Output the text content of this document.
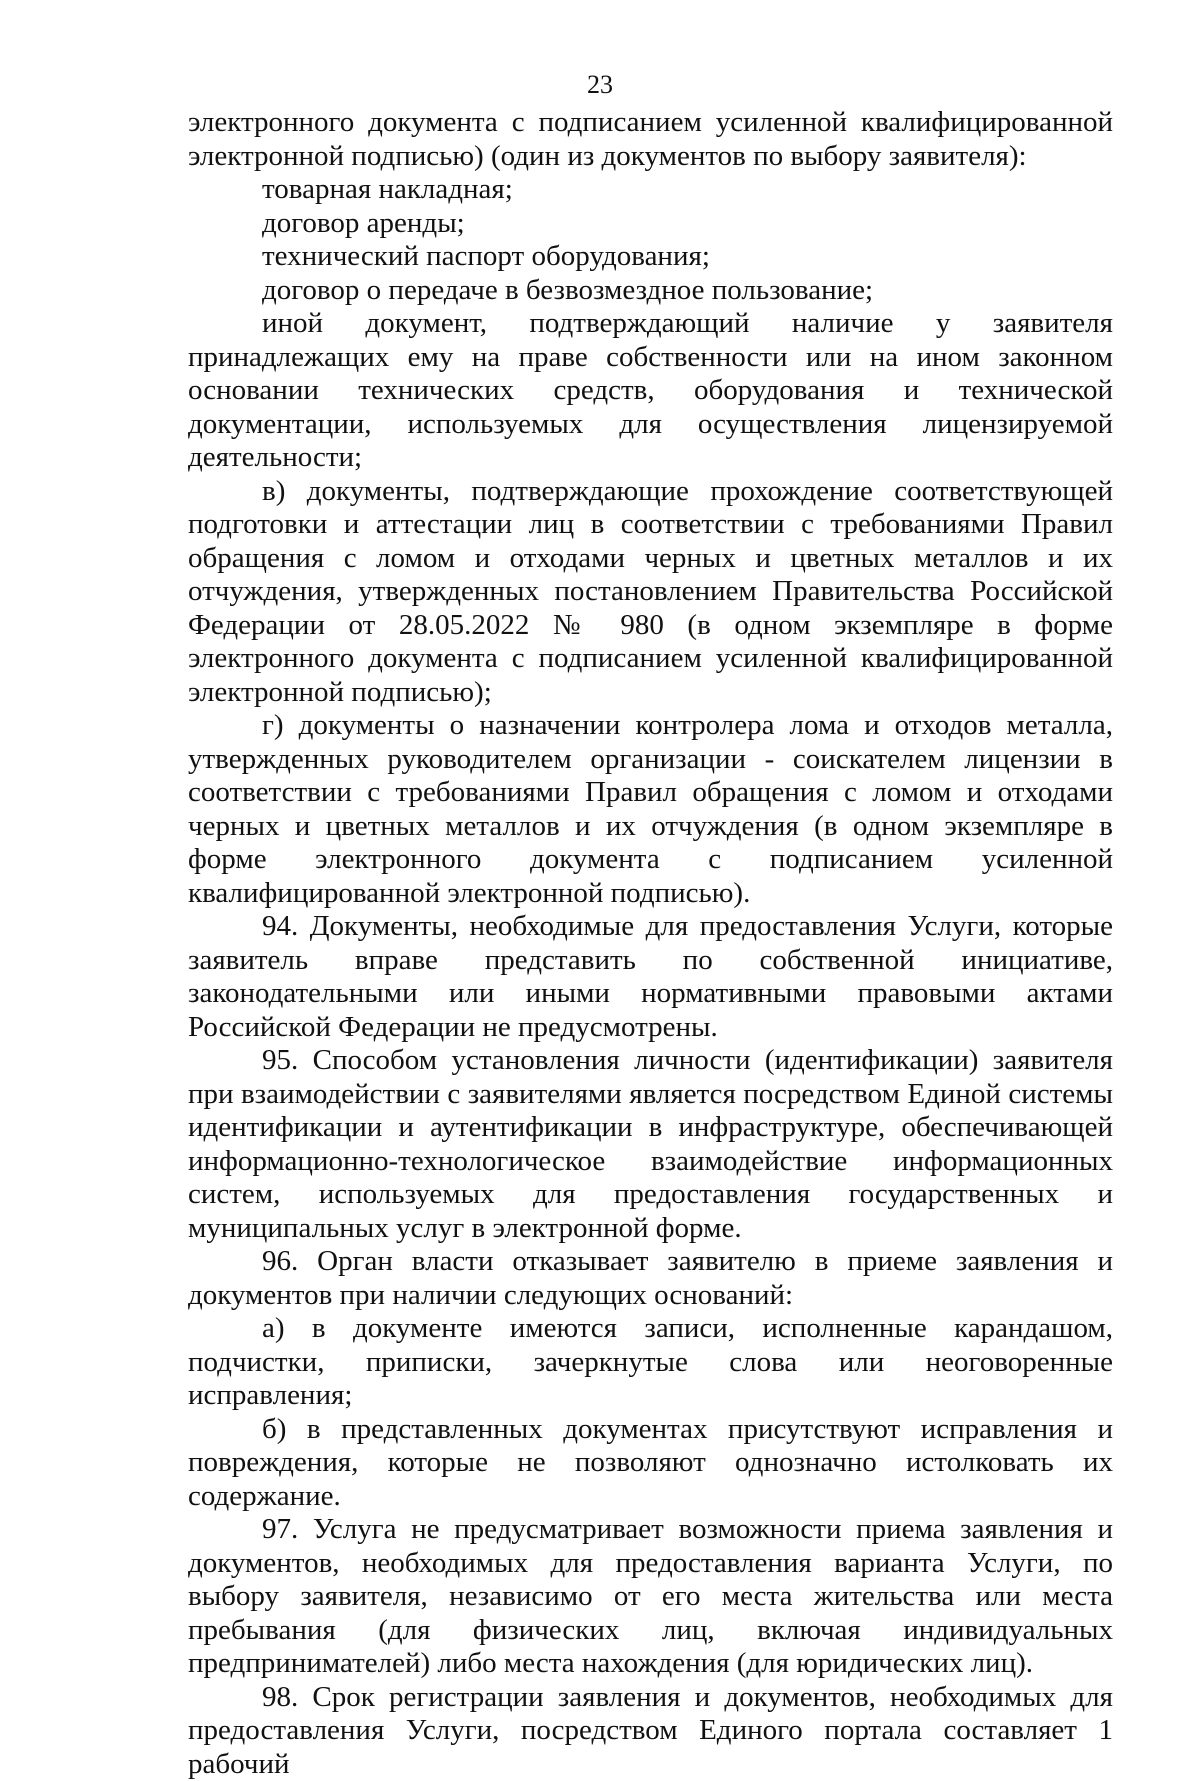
23

электронного документа с подписанием усиленной квалифицированной электронной подписью) (один из документов по выбору заявителя):

товарная накладная;

договор аренды;

технический паспорт оборудования;

договор о передаче в безвозмездное пользование;

иной документ, подтверждающий наличие у заявителя принадлежащих ему на праве собственности или на ином законном основании технических средств, оборудования и технической документации, используемых для осуществления лицензируемой деятельности;

в) документы, подтверждающие прохождение соответствующей подготовки и аттестации лиц в соответствии с требованиями Правил обращения с ломом и отходами черных и цветных металлов и их отчуждения, утвержденных постановлением Правительства Российской Федерации от 28.05.2022 № 980 (в одном экземпляре в форме электронного документа с подписанием усиленной квалифицированной электронной подписью);

г) документы о назначении контролера лома и отходов металла, утвержденных руководителем организации - соискателем лицензии в соответствии с требованиями Правил обращения с ломом и отходами черных и цветных металлов и их отчуждения (в одном экземпляре в форме электронного документа с подписанием усиленной квалифицированной электронной подписью).

94. Документы, необходимые для предоставления Услуги, которые заявитель вправе представить по собственной инициативе, законодательными или иными нормативными правовыми актами Российской Федерации не предусмотрены.

95. Способом установления личности (идентификации) заявителя при взаимодействии с заявителями является посредством Единой системы идентификации и аутентификации в инфраструктуре, обеспечивающей информационно-технологическое взаимодействие информационных систем, используемых для предоставления государственных и муниципальных услуг в электронной форме.

96. Орган власти отказывает заявителю в приеме заявления и документов при наличии следующих оснований:

а) в документе имеются записи, исполненные карандашом, подчистки, приписки, зачеркнутые слова или неоговоренные исправления;

б) в представленных документах присутствуют исправления и повреждения, которые не позволяют однозначно истолковать их содержание.

97. Услуга не предусматривает возможности приема заявления и документов, необходимых для предоставления варианта Услуги, по выбору заявителя, независимо от его места жительства или места пребывания (для физических лиц, включая индивидуальных предпринимателей) либо места нахождения (для юридических лиц).

98. Срок регистрации заявления и документов, необходимых для предоставления Услуги, посредством Единого портала составляет 1 рабочий
